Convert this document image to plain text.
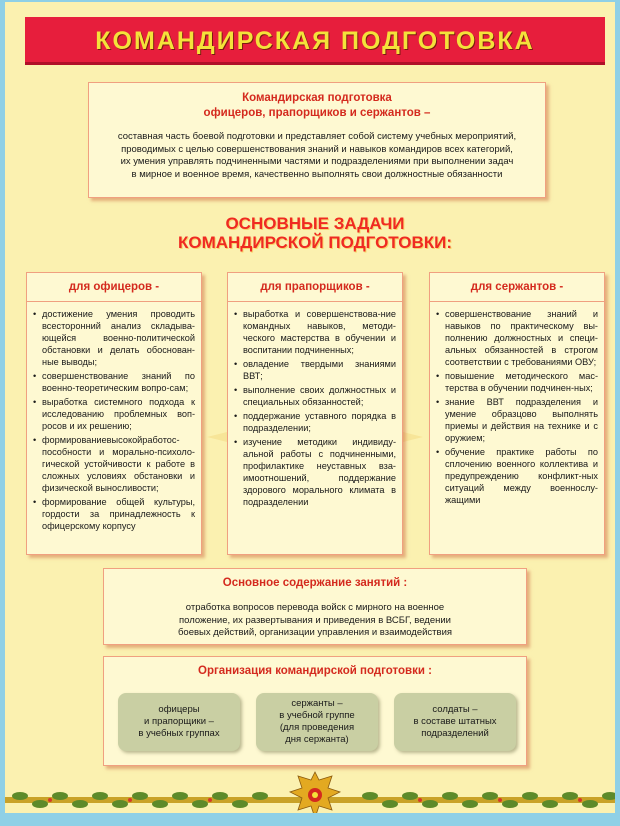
КОМАНДИРСКАЯ ПОДГОТОВКА
Командирская подготовка
офицеров, прапорщиков и сержантов –
составная часть боевой подготовки и представляет собой систему учебных мероприятий,
проводимых с целью совершенствования знаний и навыков командиров всех категорий,
их умения управлять подчиненными частями и подразделениями при выполнении задач
в мирное и военное время, качественно выполнять свои должностные обязанности
ОСНОВНЫЕ ЗАДАЧИ
КОМАНДИРСКОЙ ПОДГОТОВКИ:
для офицеров -
• достижение умения проводить всесторонний анализ складыва-ющейся военно-политической обстановки и делать обоснован-ные выводы;
• совершенствование знаний по военно-теоретическим вопро-сам;
• выработка системного подхода к исследованию проблемных воп-росов и их решению;
• формированиевысокойработос-пособности и морально-психоло-гической устойчивости к работе в сложных условиях обстановки и физической выносливости;
• формирование общей культуры, гордости за принадлежность к офицерскому корпусу
для прапорщиков -
• выработка и совершенствова-ние командных навыков, методи-ческого мастерства в обучении и воспитании подчиненных;
• овладение твердыми знаниями ВВТ;
• выполнение своих должностных и специальных обязанностей;
• поддержание уставного порядка в подразделении;
• изучение методики индивиду-альной работы с подчиненными, профилактике неуставных вза-имоотношений, поддержание здорового морального климата в подразделении
для сержантов -
• совершенствование знаний и навыков по практическому вы-полнению должностных и специ-альных обязанностей в строгом соответствии с требованиями ОВУ;
• повышение методического мас-терства в обучении подчинен-ных;
• знание ВВТ подразделения и умение образцово выполнять приемы и действия на технике и с оружием;
• обучение практике работы по сплочению военного коллектива и предупреждению конфликт-ных ситуаций между военнослу-жащими
Основное содержание занятий :
отработка вопросов перевода войск с мирного на военное
положение, их развертывания и приведения в ВСБГ, ведении
боевых действий, организации управления и взаимодействия
Организация командирской подготовки :
офицеры
и прапорщики –
в учебных группах
сержанты –
в учебной группе
(для проведения
дня сержанта)
солдаты –
в составе штатных
подразделений
